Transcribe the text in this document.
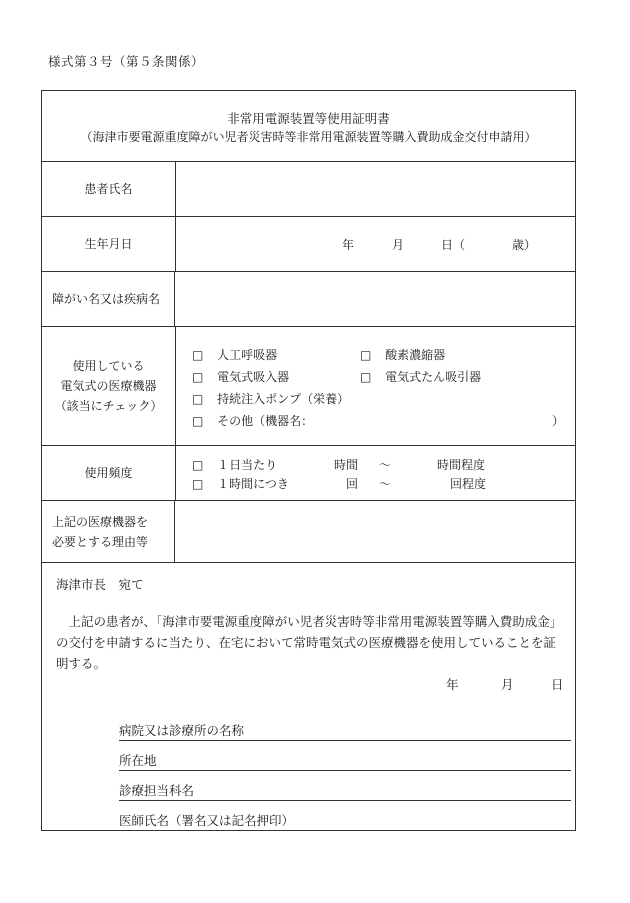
様式第３号（第５条関係）
非常用電源装置等使用証明書
（海津市要電源重度障がい児者災害時等非常用電源装置等購入費助成金交付申請用）
患者氏名
生年月日	年	月	日（	歳）
障がい名又は疾病名
使用している
電気式の医療機器
（該当にチェック）
□ 人工呼吸器	□ 酸素濃縮器
□ 電気式吸入器	□ 電気式たん吸引器
□ 持続注入ポンプ（栄養）
□ その他（機器名：	）
使用頻度
□ １日当たり	時間 ～	時間程度
□ １時間につき	回 ～	回程度
上記の医療機器を
必要とする理由等
海津市長　宛て
上記の患者が、「海津市要電源重度障がい児者災害時等非常用電源装置等購入費助成金」の交付を申請するに当たり、在宅において常時電気式の医療機器を使用していることを証明する。
年	月	日
病院又は診療所の名称
所在地
診療担当科名
医師氏名（署名又は記名押印）
